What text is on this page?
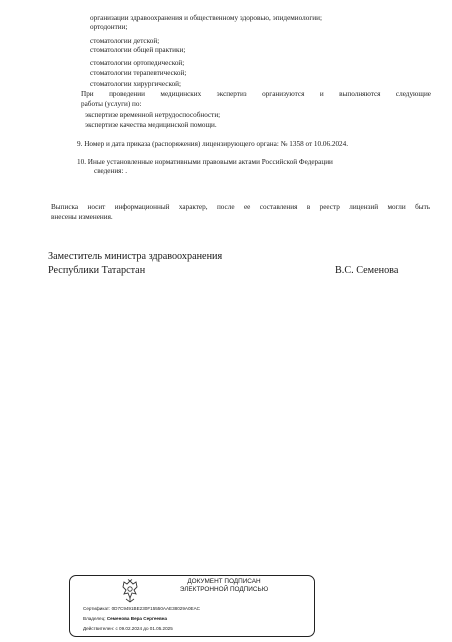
организации здравоохранения и общественному здоровью, эпидемиологии;
ортодонтии;
стоматологии детской;
стоматологии общей практики;
стоматологии ортопедической;
стоматологии терапевтической;
стоматологии хирургической;
При проведении медицинских экспертиз организуются и выполняются следующие
работы (услуги) по:
экспертизе временной нетрудоспособности;
экспертизе качества медицинской помощи.
9. Номер и дата приказа (распоряжения) лицензирующего органа: № 1358 от 10.06.2024.
10. Иные установленные нормативными правовыми актами Российской Федерации
сведения: .
Выписка носит информационный характер, после ее составления в реестр лицензий могли быть
внесены изменения.
Заместитель министра здравоохранения
Республики Татарстан	В.С. Семенова
ДОКУМЕНТ ПОДПИСАН
ЭЛЕКТРОННОЙ ПОДПИСЬЮ
Сертификат: 0D7C9491BE230F15550AAE38029A0EAC
Владелец: Семенова Вера Сергеевна
Действителен: с 09.02.2024 до 01.05.2025
